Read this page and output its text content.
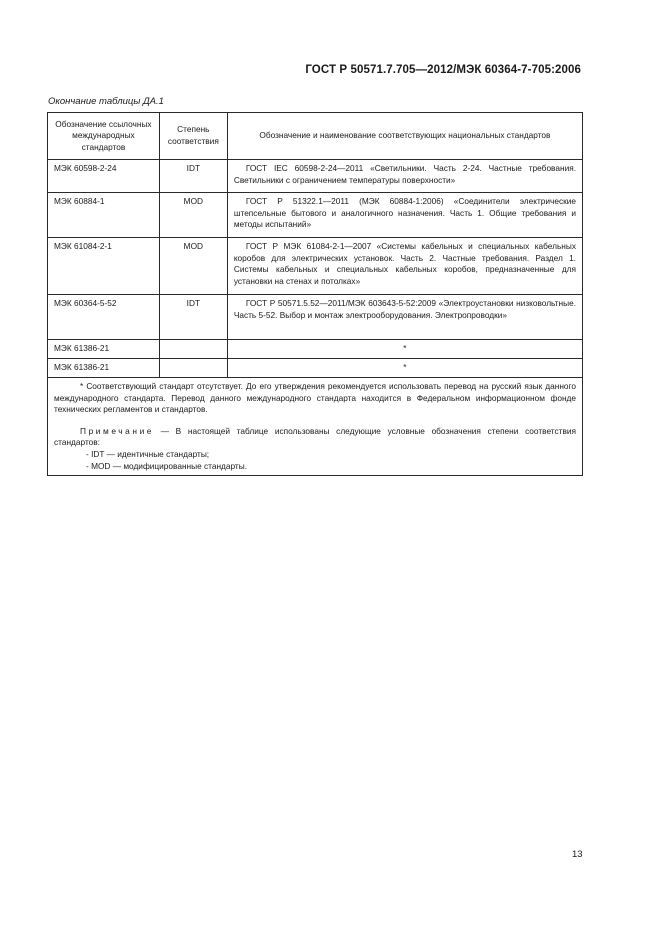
ГОСТ Р 50571.7.705—2012/МЭК 60364-7-705:2006
Окончание таблицы ДА.1
Обозначение ссылочных международных стандартов	Степень соответствия	Обозначение и наименование соответствующих национальных стандартов
МЭК 60598-2-24	IDT	ГОСТ IEC 60598-2-24—2011 «Светильники. Часть 2-24. Частные требования. Светильники с ограничением температуры поверхности»
МЭК 60884-1	MOD	ГОСТ Р 51322.1—2011 (МЭК 60884-1:2006) «Соединители электрические штепсельные бытового и аналогичного назначения. Часть 1. Общие требования и методы испытаний»
МЭК 61084-2-1	MOD	ГОСТ Р МЭК 61084-2-1—2007 «Системы кабельных и специальных кабельных коробов для электрических установок. Часть 2. Частные требования. Раздел 1. Системы кабельных и специальных кабельных коробов, предназначенные для установки на стенах и потолках»
МЭК 60364-5-52	IDT	ГОСТ Р 50571.5.52—2011/МЭК 603643-5-52:2009 «Электроустановки низковольтные. Часть 5-52. Выбор и монтаж электрооборудования. Электропроводки»
МЭК 61386-21		*
МЭК 61386-21		*

* Соответствующий стандарт отсутствует. До его утверждения рекомендуется использовать перевод на русский язык данного международного стандарта. Перевод данного международного стандарта находится в Федеральном информационном фонде технических регламентов и стандартов.

Примечание — В настоящей таблице использованы следующие условные обозначения степени соответствия стандартов:

- IDT — идентичные стандарты;

- MOD — модифицированные стандарты.		

13
